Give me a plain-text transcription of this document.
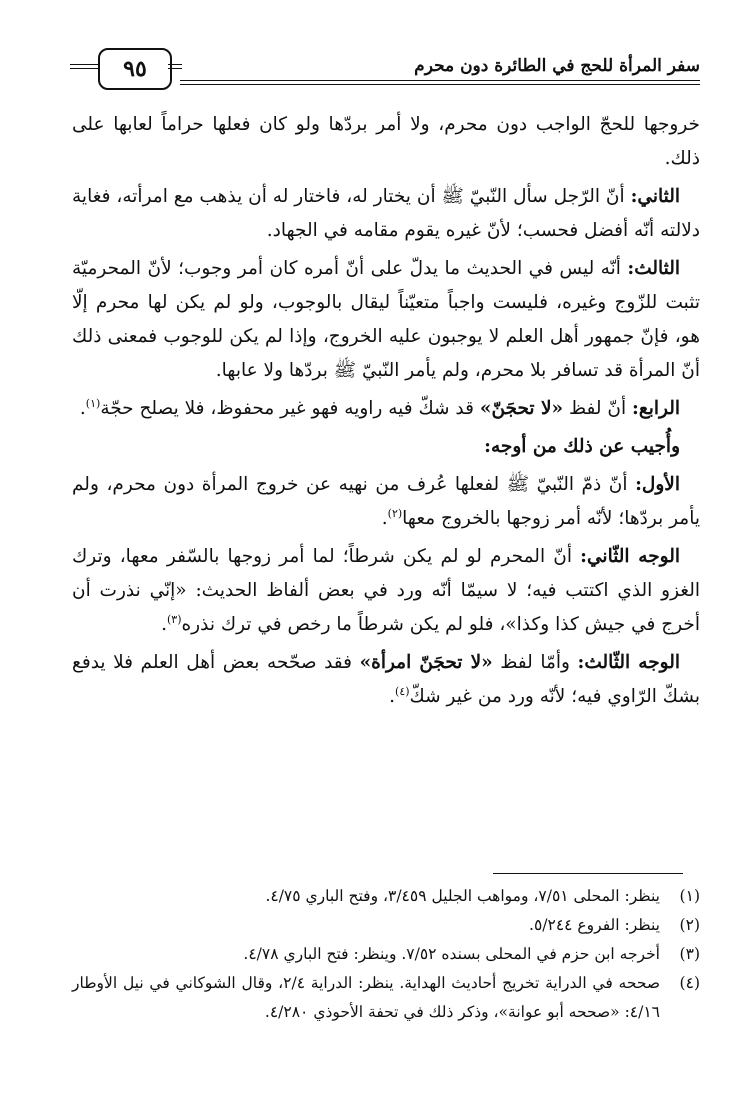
٩٥	سفر المرأة للحج في الطائرة دون محرم

خروجها للحجّ الواجب دون محرم، ولا أمر بردّها ولو كان فعلها حراماً لعابها على ذلك.

الثاني: أنّ الرّجل سأل النّبيّ ﷺ أن يختار له، فاختار له أن يذهب مع امرأته، فغاية دلالته أنّه أفضل فحسب؛ لأنّ غيره يقوم مقامه في الجهاد.

الثالث: أنّه ليس في الحديث ما يدلّ على أنّ أمره كان أمر وجوب؛ لأنّ المحرميّة تثبت للزّوج وغيره، فليست واجباً متعيّناً ليقال بالوجوب، ولو لم يكن لها محرم إلّا هو، فإنّ جمهور أهل العلم لا يوجبون عليه الخروج، وإذا لم يكن للوجوب فمعنى ذلك أنّ المرأة قد تسافر بلا محرم، ولم يأمر النّبيّ ﷺ بردّها ولا عابها.

الرابع: أنّ لفظ «لا تحجَنّ» قد شكّ فيه راويه فهو غير محفوظ، فلا يصلح حجّة$^{(١)}$.

وأُجيب عن ذلك من أوجه:

الأول: أنّ ذمّ النّبيّ ﷺ لفعلها عُرف من نهيه عن خروج المرأة دون محرم، ولم يأمر بردّها؛ لأنّه أمر زوجها بالخروج معها$^{(٢)}$.

الوجه الثّاني: أنّ المحرم لو لم يكن شرطاً؛ لما أمر زوجها بالسّفر معها، وترك الغزو الذي اكتتب فيه؛ لا سيمّا أنّه ورد في بعض ألفاظ الحديث: «إنّي نذرت أن أخرج في جيش كذا وكذا»، فلو لم يكن شرطاً ما رخص في ترك نذره$^{(٣)}$.

الوجه الثّالث: وأمّا لفظ «لا تحجَنّ امرأة» فقد صحّحه بعض أهل العلم فلا يدفع بشكّ الرّاوي فيه؛ لأنّه ورد من غير شكّ$^{(٤)}$.

(١)
ينظر: المحلى ٧/٥١، ومواهب الجليل ٣/٤٥٩، وفتح الباري ٤/٧٥.

(٢)
ينظر: الفروع ٥/٢٤٤.

(٣)
أخرجه ابن حزم في المحلى بسنده ٧/٥٢. وينظر: فتح الباري ٤/٧٨.

(٤)
صححه في الدراية تخريج أحاديث الهداية. ينظر: الدراية ٢/٤، وقال الشوكاني في نيل الأوطار ٤/١٦: «صححه أبو عوانة»، وذكر ذلك في تحفة الأحوذي ٤/٢٨٠.
